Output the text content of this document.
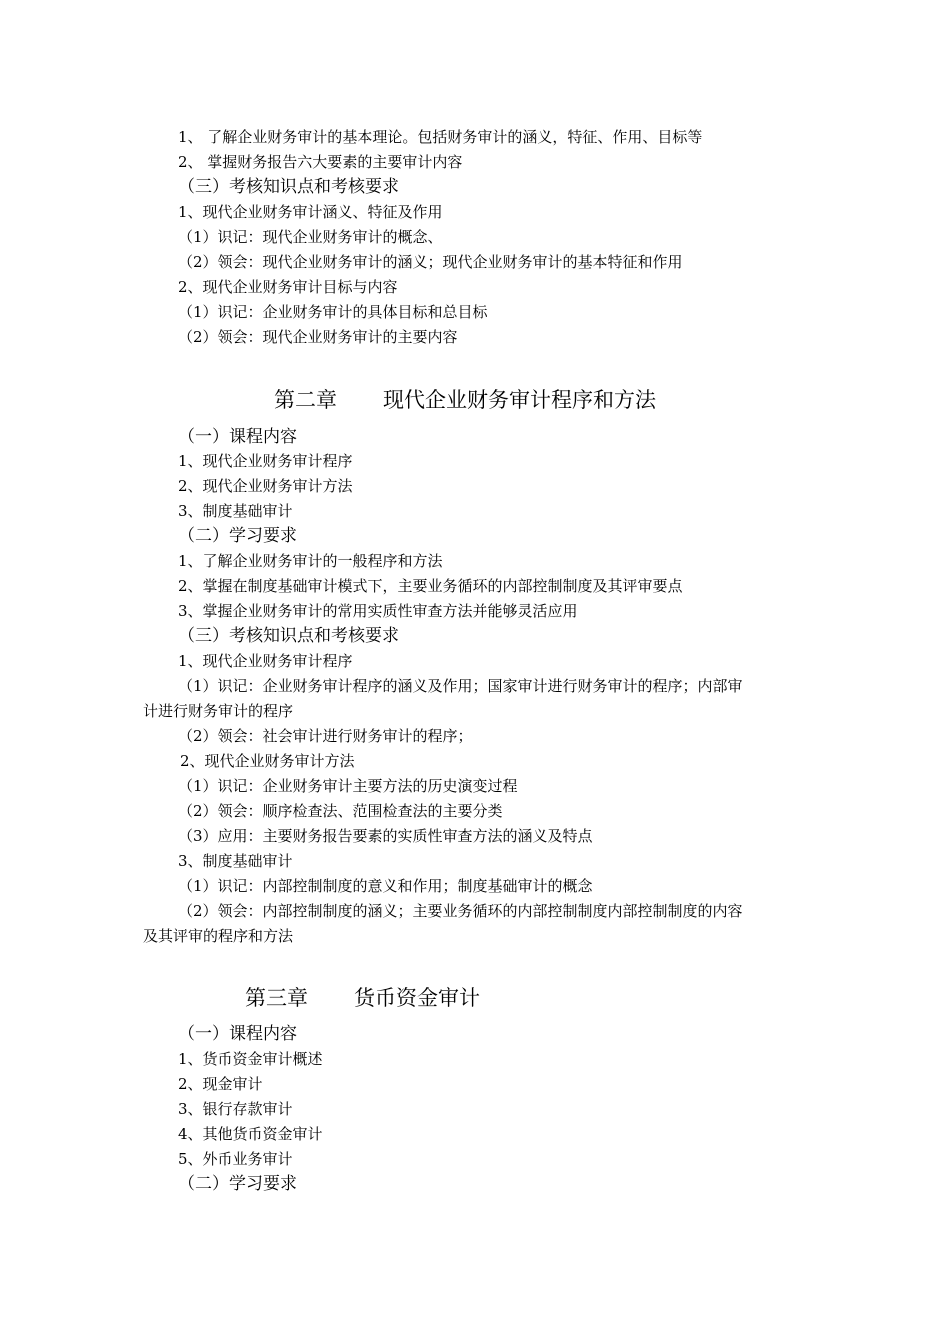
1、 了解企业财务审计的基本理论。包括财务审计的涵义，特征、作用、目标等
2、 掌握财务报告六大要素的主要审计内容
（三）考核知识点和考核要求
1、现代企业财务审计涵义、特征及作用
（1）识记：现代企业财务审计的概念、
（2）领会：现代企业财务审计的涵义；现代企业财务审计的基本特征和作用
2、现代企业财务审计目标与内容
（1）识记：企业财务审计的具体目标和总目标
（2）领会：现代企业财务审计的主要内容
第二章 现代企业财务审计程序和方法
（一）课程内容
1、现代企业财务审计程序
2、现代企业财务审计方法
3、制度基础审计
（二）学习要求
1、了解企业财务审计的一般程序和方法
2、掌握在制度基础审计模式下，主要业务循环的内部控制制度及其评审要点
3、掌握企业财务审计的常用实质性审查方法并能够灵活应用
（三）考核知识点和考核要求
1、现代企业财务审计程序
（1）识记：企业财务审计程序的涵义及作用；国家审计进行财务审计的程序；内部审
计进行财务审计的程序
（2）领会：社会审计进行财务审计的程序；
2、现代企业财务审计方法
（1）识记：企业财务审计主要方法的历史演变过程
（2）领会：顺序检查法、范围检查法的主要分类
（3）应用：主要财务报告要素的实质性审查方法的涵义及特点
3、制度基础审计
（1）识记：内部控制制度的意义和作用；制度基础审计的概念
（2）领会：内部控制制度的涵义；主要业务循环的内部控制制度内部控制制度的内容
及其评审的程序和方法
第三章 货币资金审计
（一）课程内容
1、货币资金审计概述
2、现金审计
3、银行存款审计
4、其他货币资金审计
5、外币业务审计
（二）学习要求
